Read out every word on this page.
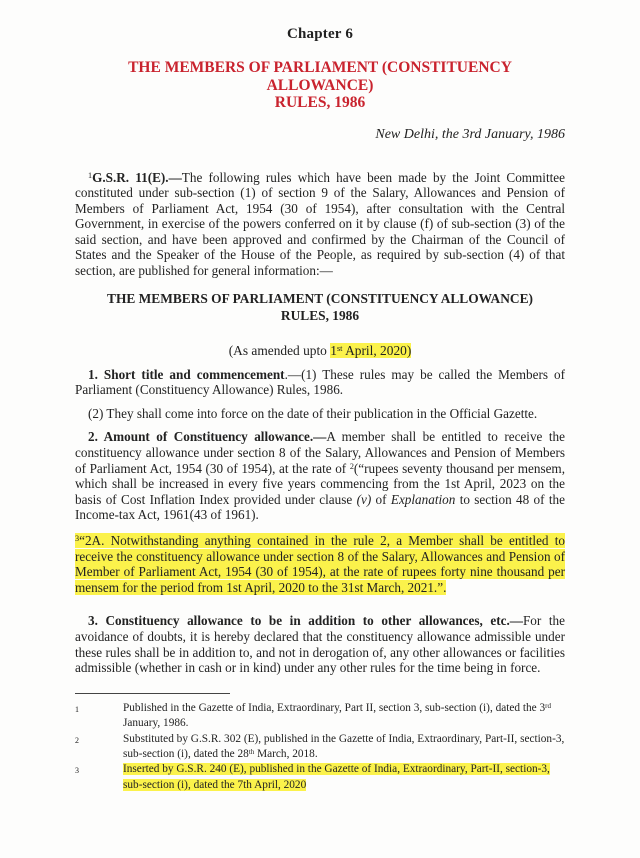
Chapter 6
THE MEMBERS OF PARLIAMENT (CONSTITUENCY ALLOWANCE)
RULES, 1986
New Delhi, the 3rd January, 1986

$^1$G.S.R. 11(E).—The following rules which have been made by the Joint Committee constituted under sub-section (1) of section 9 of the Salary, Allowances and Pension of Members of Parliament Act, 1954 (30 of 1954), after consultation with the Central Government, in exercise of the powers conferred on it by clause (f) of sub-section (3) of the said section, and have been approved and confirmed by the Chairman of the Council of States and the Speaker of the House of the People, as required by sub-section (4) of that section, are published for general information:—

THE MEMBERS OF PARLIAMENT (CONSTITUENCY ALLOWANCE)
RULES, 1986

(As amended upto 1st April, 2020)

1. Short title and commencement.—(1) These rules may be called the Members of Parliament (Constituency Allowance) Rules, 1986.

(2) They shall come into force on the date of their publication in the Official Gazette.

2. Amount of Constituency allowance.—A member shall be entitled to receive the constituency allowance under section 8 of the Salary, Allowances and Pension of Members of Parliament Act, 1954 (30 of 1954), at the rate of $^2$(“rupees seventy thousand per mensem, which shall be increased in every five years commencing from the 1st April, 2023 on the basis of Cost Inflation Index provided under clause (v) of Explanation to section 48 of the Income-tax Act, 1961(43 of 1961).

$^3$“2A. Notwithstanding anything contained in the rule 2, a Member shall be entitled to receive the constituency allowance under section 8 of the Salary, Allowances and Pension of Member of Parliament Act, 1954 (30 of 1954), at the rate of rupees forty nine thousand per mensem for the period from 1st April, 2020 to the 31st March, 2021.”.

3. Constituency allowance to be in addition to other allowances, etc.—For the avoidance of doubts, it is hereby declared that the constituency allowance admissible under these rules shall be in addition to, and not in derogation of, any other allowances or facilities admissible (whether in cash or in kind) under any other rules for the time being in force.

1	Published in the Gazette of India, Extraordinary, Part II, section 3, sub-section (i), dated the 3rd January, 1986.
2	Substituted by G.S.R. 302 (E), published in the Gazette of India, Extraordinary, Part-II, section-3, sub-section (i), dated the 28th March, 2018.
3	Inserted by G.S.R. 240 (E), published in the Gazette of India, Extraordinary, Part-II, section-3, sub-section (i), dated the 7th April, 2020
